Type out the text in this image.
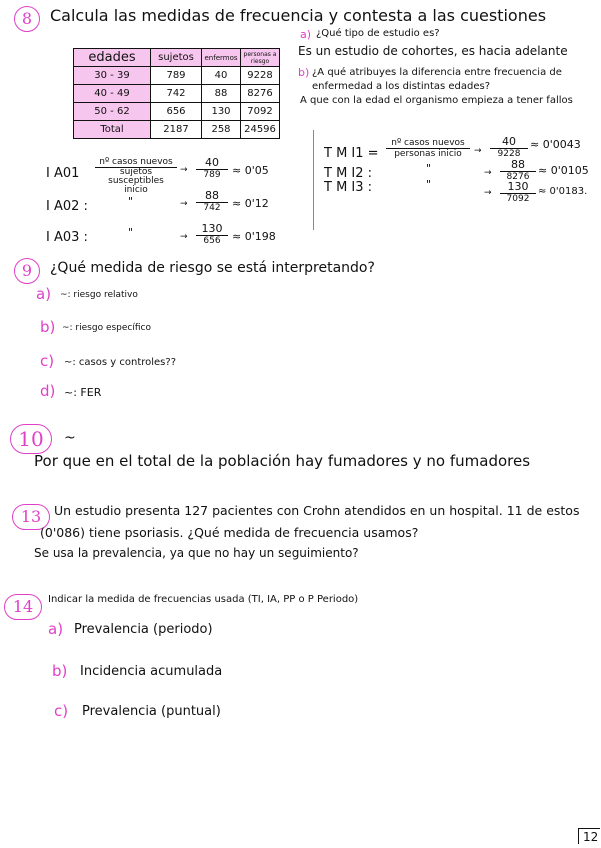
8	Calcula las medidas de frecuencia y contesta a las cuestiones
edades	sujetos	enfermos	personas a riesgo
30 - 39	789	40	9228
40 - 49	742	88	8276
50 - 62	656	130	7092
Total	2187	258	24596
I A01
nº casos nuevos
sujetos susceptibles inicio
→
40
789	≈ 0'05
I A02 :	"	→
88
742	≈ 0'12
I A03 :	"	→
130
656	≈ 0'198
a) ¿Qué tipo de estudio es?
Es un estudio de cohortes, es hacia adelante
b) ¿A qué atribuyes la diferencia entre frecuencia de enfermedad a los distintas edades?
A que con la edad el organismo empieza a tener fallos
T M I1 =
nº casos nuevos
personas inicio	→
40
9228
≈ 0'0043
T M I2 :	"	→
88
8276 ≈ 0'0105
T M I3 :	"
→	130
7092
≈ 0'0183.
9	¿Qué medida de riesgo se está interpretando?
a) ~: riesgo relativo
b) ~: riesgo específico
c) ~: casos y controles??
d) ~: FER
10	~
Por que en el total de la población hay fumadores y no fumadores
13	Un estudio presenta 127 pacientes con Crohn atendidos en un hospital. 11 de estos (0'086) tiene psoriasis. ¿Qué medida de frecuencia usamos?
Se usa la prevalencia, ya que no hay un seguimiento?
14	Indicar la medida de frecuencias usada (TI, IA, PP o P Periodo)
a) Prevalencia (periodo)
b) Incidencia acumulada
c) Prevalencia (puntual)
12
